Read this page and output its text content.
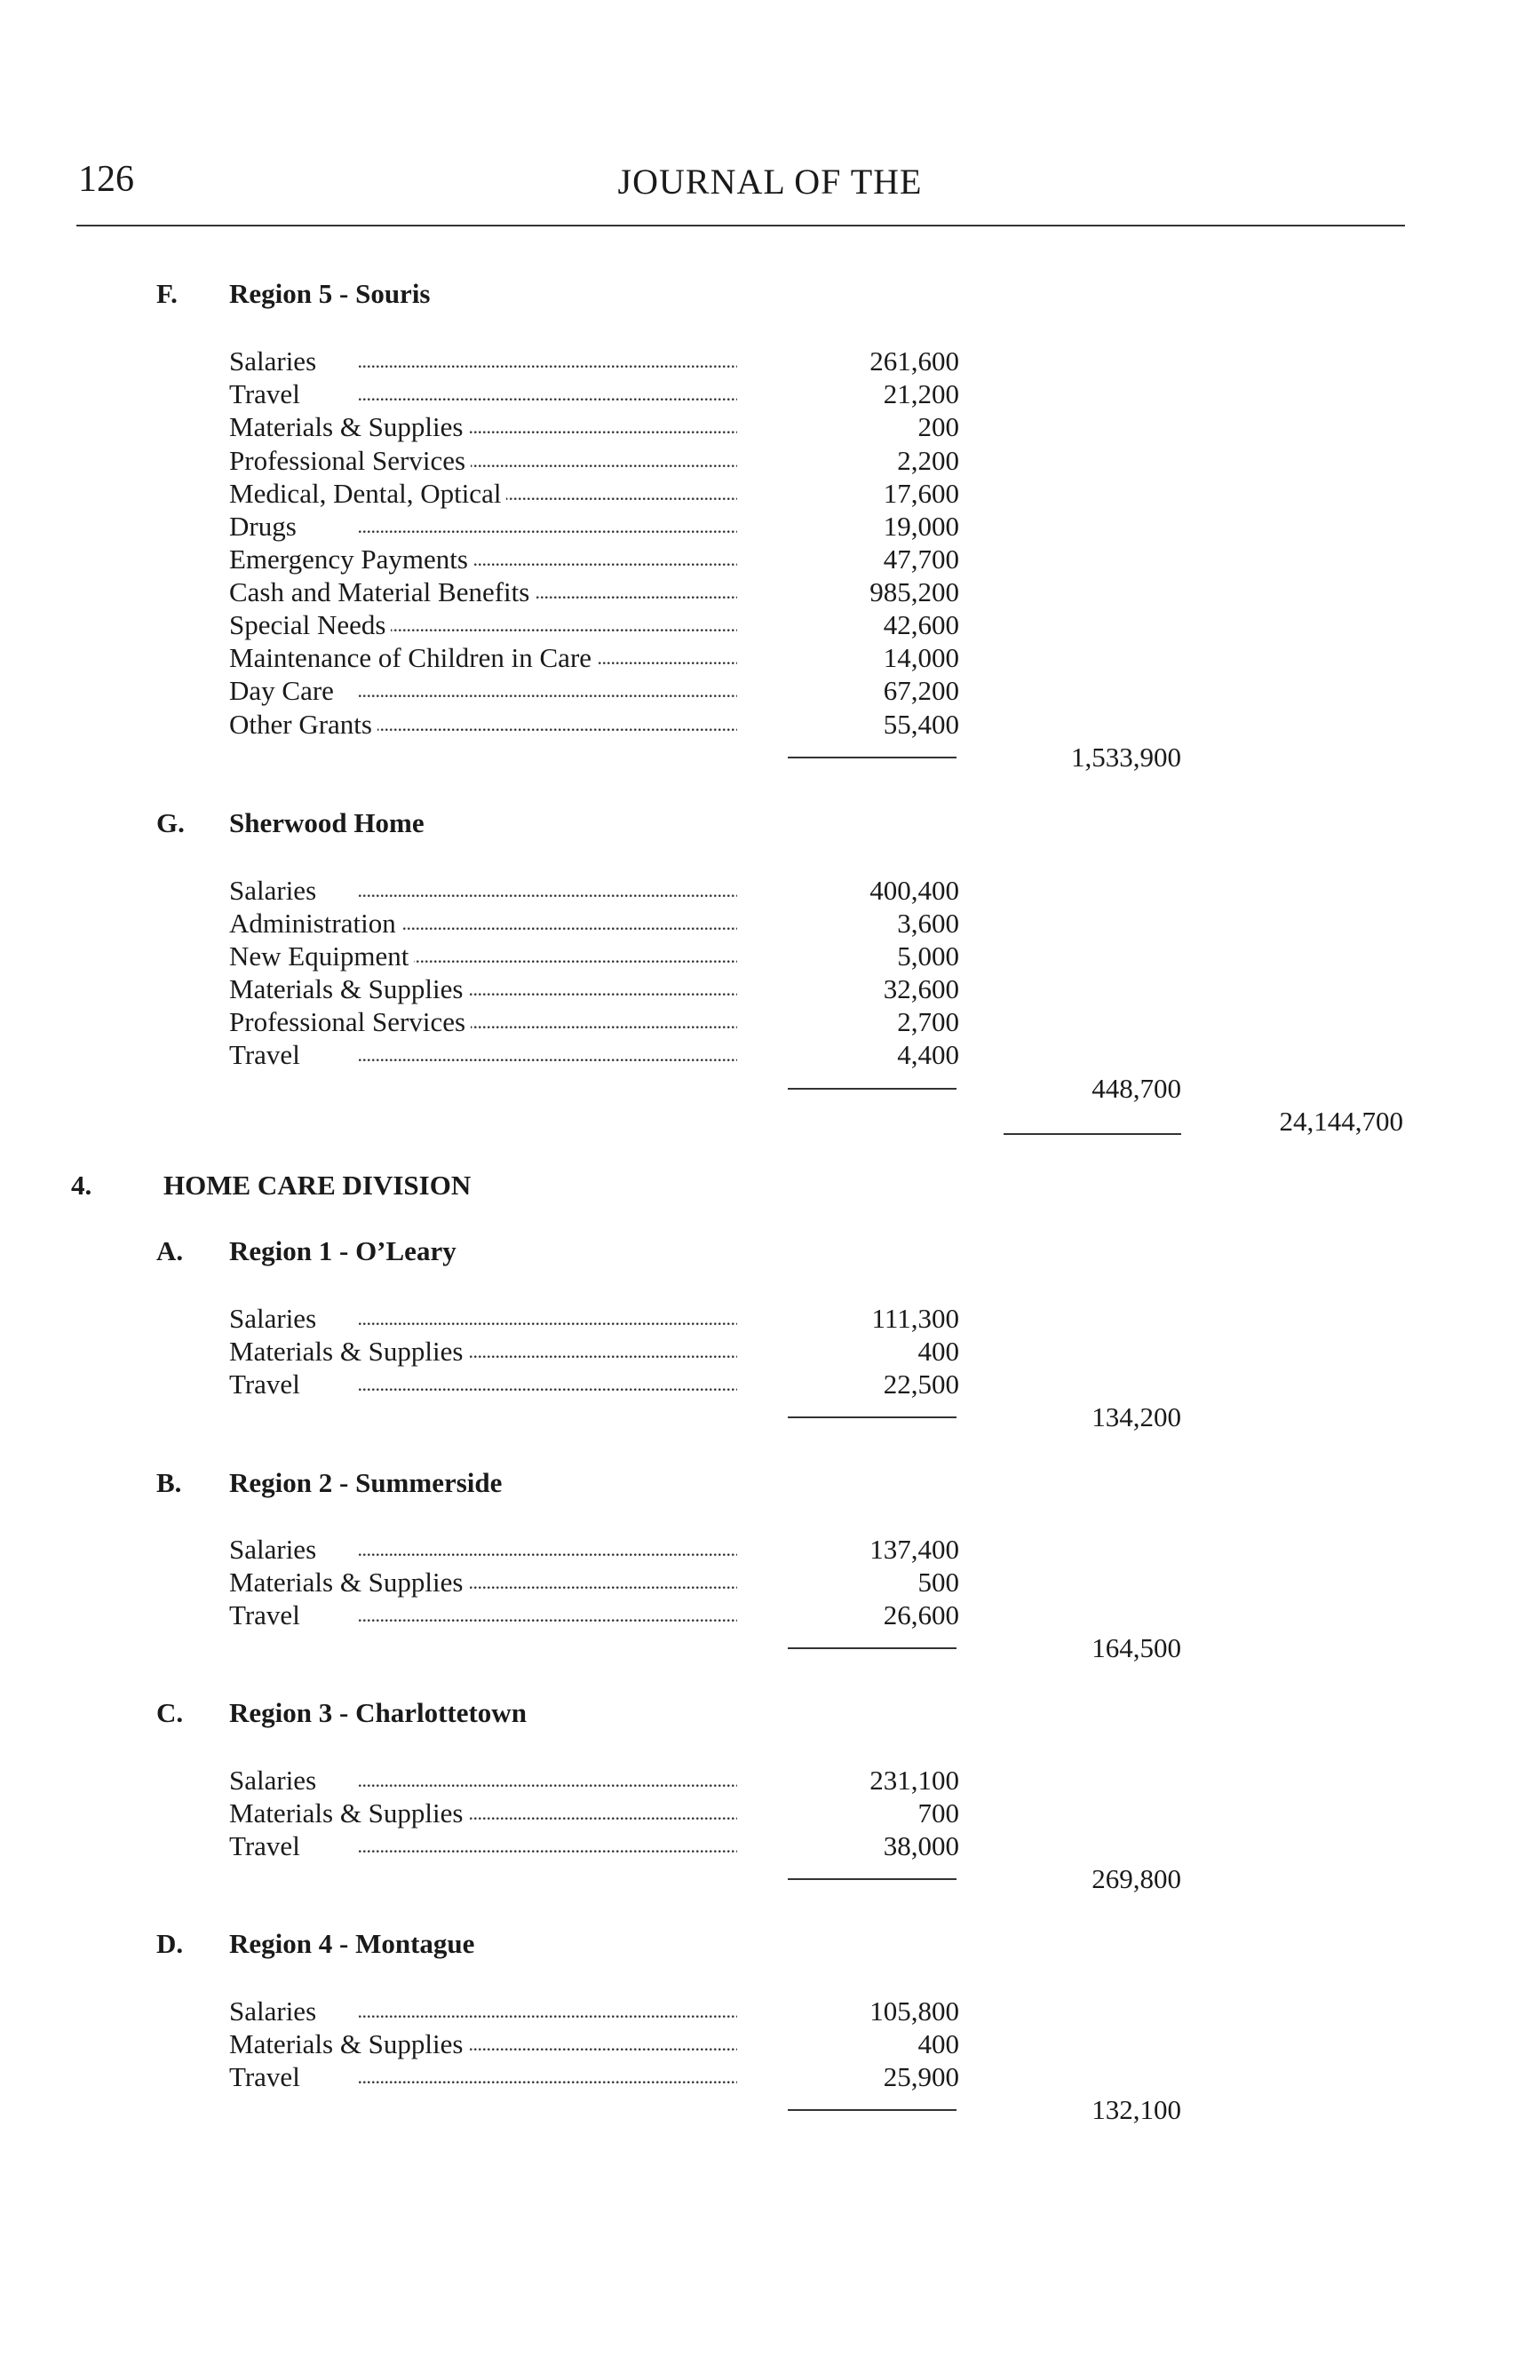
126	JOURNAL OF THE
F. Region 5 - Souris
Salaries . . .	261,600
Travel . . .	21,200
Materials & Supplies . . .	200
Professional Services . . .	2,200
Medical, Dental, Optical . . .	17,600
Drugs . . .	19,000
Emergency Payments . . .	47,700
Cash and Material Benefits . . .	985,200
Special Needs . . .	42,600
Maintenance of Children in Care . . .	14,000
Day Care . . .	67,200
Other Grants . . .	55,400
1,533,900
G. Sherwood Home
Salaries . . .	400,400
Administration . . .	3,600
New Equipment . . .	5,000
Materials & Supplies . . .	32,600
Professional Services . . .	2,700
Travel . . .	4,400
448,700
24,144,700
4.	HOME CARE DIVISION
A. Region 1 - O’Leary
Salaries . . .	111,300
Materials & Supplies . . .	400
Travel . . .	22,500
134,200
B. Region 2 - Summerside
Salaries . . .	137,400
Materials & Supplies . . .	500
Travel . . .	26,600
164,500
C. Region 3 - Charlottetown
Salaries . . .	231,100
Materials & Supplies . . .	700
Travel . . .	38,000
269,800
D. Region 4 - Montague
Salaries . . .	105,800
Materials & Supplies . . .	400
Travel . . .	25,900
132,100
